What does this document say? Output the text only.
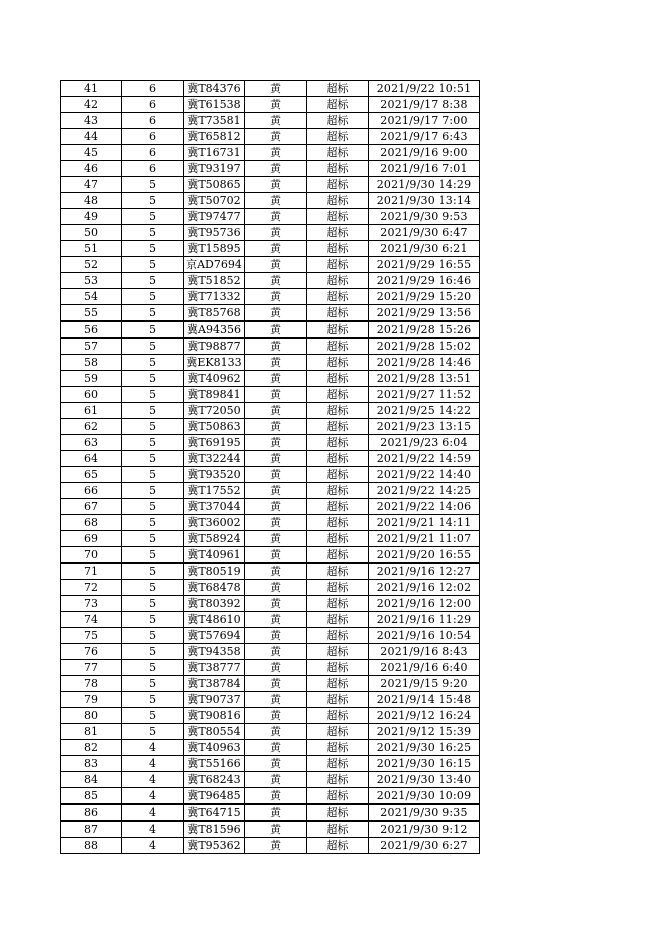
41	6	冀T84376	黄	超标	2021/9/22 10:51
42	6	冀T61538	黄	超标	2021/9/17 8:38
43	6	冀T73581	黄	超标	2021/9/17 7:00
44	6	冀T65812	黄	超标	2021/9/17 6:43
45	6	冀T16731	黄	超标	2021/9/16 9:00
46	6	冀T93197	黄	超标	2021/9/16 7:01
47	5	冀T50865	黄	超标	2021/9/30 14:29
48	5	冀T50702	黄	超标	2021/9/30 13:14
49	5	冀T97477	黄	超标	2021/9/30 9:53
50	5	冀T95736	黄	超标	2021/9/30 6:47
51	5	冀T15895	黄	超标	2021/9/30 6:21
52	5	京AD7694	黄	超标	2021/9/29 16:55
53	5	冀T51852	黄	超标	2021/9/29 16:46
54	5	冀T71332	黄	超标	2021/9/29 15:20
55	5	冀T85768	黄	超标	2021/9/29 13:56
56	5	冀A94356	黄	超标	2021/9/28 15:26
57	5	冀T98877	黄	超标	2021/9/28 15:02
58	5	冀EK8133	黄	超标	2021/9/28 14:46
59	5	冀T40962	黄	超标	2021/9/28 13:51
60	5	冀T89841	黄	超标	2021/9/27 11:52
61	5	冀T72050	黄	超标	2021/9/25 14:22
62	5	冀T50863	黄	超标	2021/9/23 13:15
63	5	冀T69195	黄	超标	2021/9/23 6:04
64	5	冀T32244	黄	超标	2021/9/22 14:59
65	5	冀T93520	黄	超标	2021/9/22 14:40
66	5	冀T17552	黄	超标	2021/9/22 14:25
67	5	冀T37044	黄	超标	2021/9/22 14:06
68	5	冀T36002	黄	超标	2021/9/21 14:11
69	5	冀T58924	黄	超标	2021/9/21 11:07
70	5	冀T40961	黄	超标	2021/9/20 16:55
71	5	冀T80519	黄	超标	2021/9/16 12:27
72	5	冀T68478	黄	超标	2021/9/16 12:02
73	5	冀T80392	黄	超标	2021/9/16 12:00
74	5	冀T48610	黄	超标	2021/9/16 11:29
75	5	冀T57694	黄	超标	2021/9/16 10:54
76	5	冀T94358	黄	超标	2021/9/16 8:43
77	5	冀T38777	黄	超标	2021/9/16 6:40
78	5	冀T38784	黄	超标	2021/9/15 9:20
79	5	冀T90737	黄	超标	2021/9/14 15:48
80	5	冀T90816	黄	超标	2021/9/12 16:24
81	5	冀T80554	黄	超标	2021/9/12 15:39
82	4	冀T40963	黄	超标	2021/9/30 16:25
83	4	冀T55166	黄	超标	2021/9/30 16:15
84	4	冀T68243	黄	超标	2021/9/30 13:40
85	4	冀T96485	黄	超标	2021/9/30 10:09
86	4	冀T64715	黄	超标	2021/9/30 9:35
87	4	冀T81596	黄	超标	2021/9/30 9:12
88	4	冀T95362	黄	超标	2021/9/30 6:27
